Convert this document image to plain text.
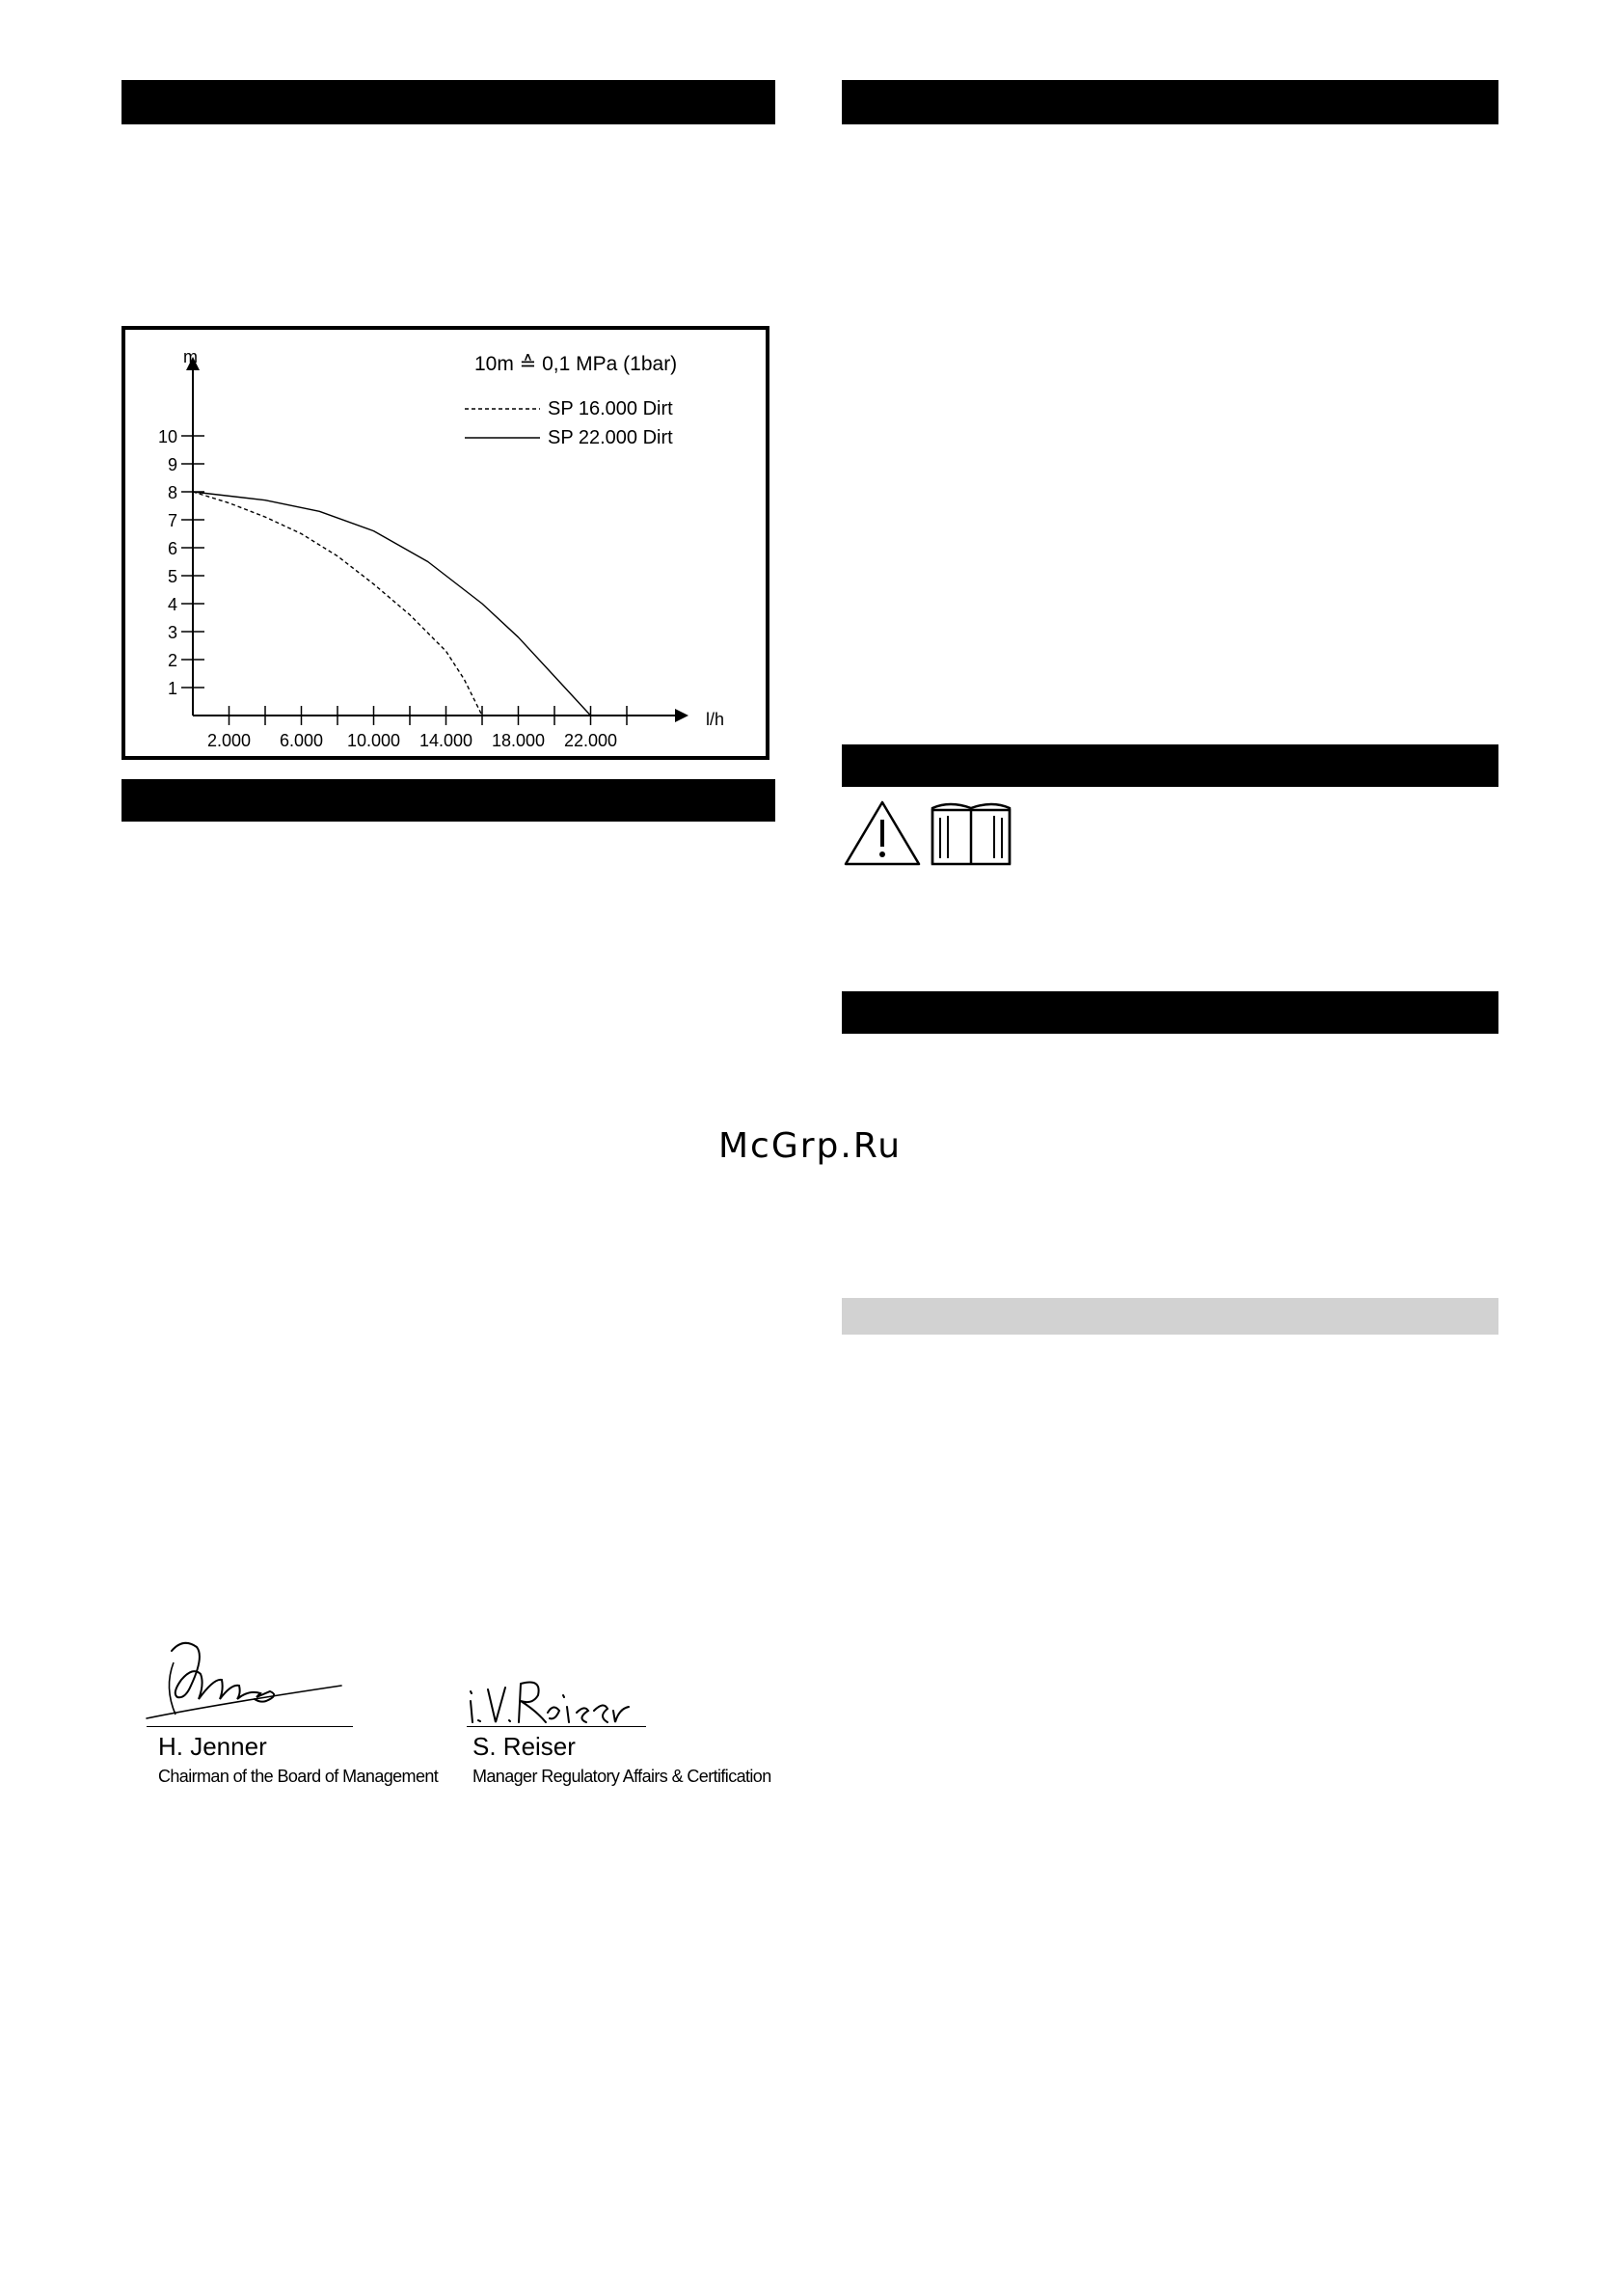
1
2
3
4
5
6
7
8
9
10
2.000 6.000 10.000 14.000 18.000 22.000
SP 16.000 Dirt
SP 22.000 Dirt
10m ≙ 0,1 MPa (1bar)
m
l/h
McGrp.Ru
H. Jenner
Chairman of the Board of Management
S. Reiser
Manager Regulatory Affairs & Certification
